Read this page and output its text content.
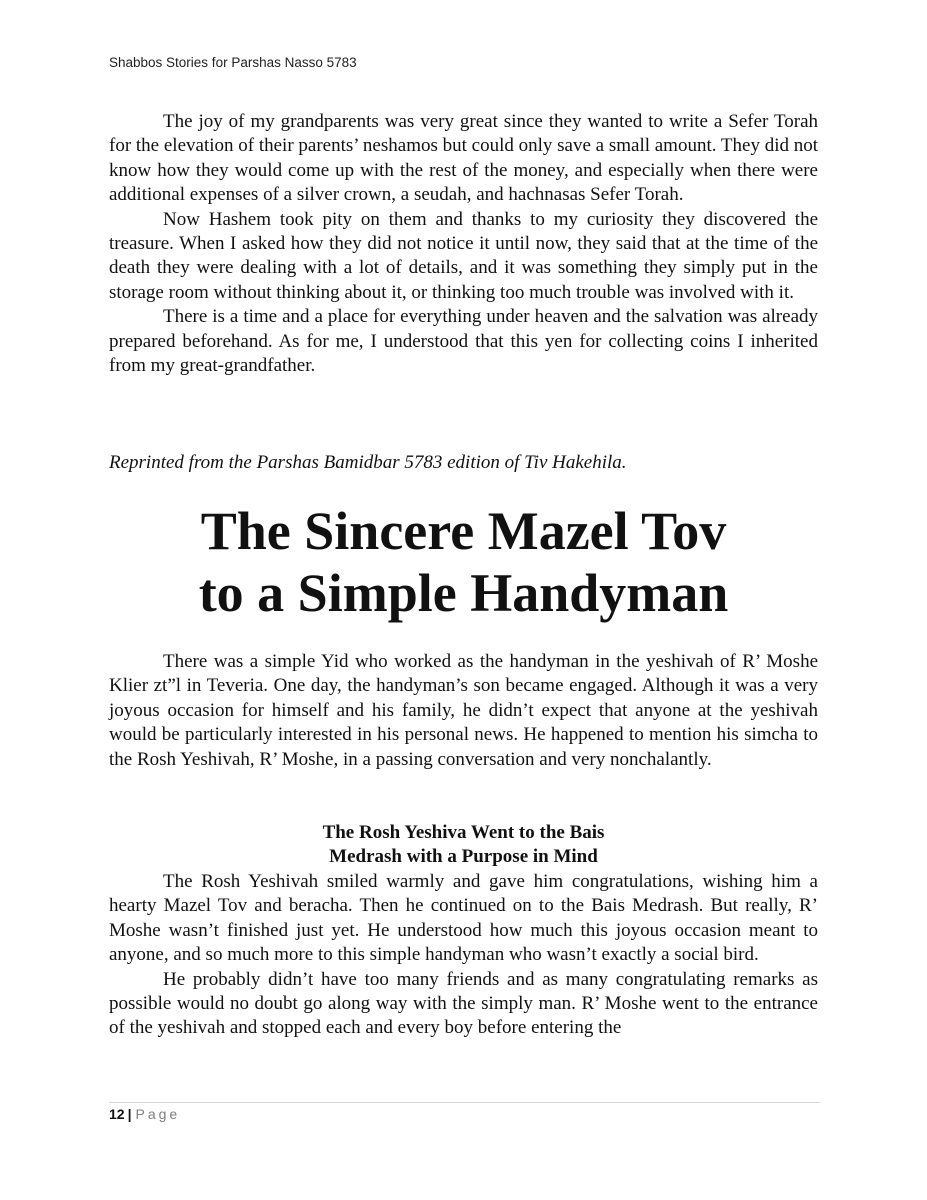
Shabbos Stories for Parshas Nasso 5783

The joy of my grandparents was very great since they wanted to write a Sefer Torah for the elevation of their parents’ neshamos but could only save a small amount. They did not know how they would come up with the rest of the money, and especially when there were additional expenses of a silver crown, a seudah, and hachnasas Sefer Torah.

Now Hashem took pity on them and thanks to my curiosity they discovered the treasure. When I asked how they did not notice it until now, they said that at the time of the death they were dealing with a lot of details, and it was something they simply put in the storage room without thinking about it, or thinking too much trouble was involved with it.

There is a time and a place for everything under heaven and the salvation was already prepared beforehand. As for me, I understood that this yen for collecting coins I inherited from my great-grandfather.

Reprinted from the Parshas Bamidbar 5783 edition of Tiv Hakehila.
The Sincere Mazel Tov
to a Simple Handyman

There was a simple Yid who worked as the handyman in the yeshivah of R’ Moshe Klier zt”l in Teveria. One day, the handyman’s son became engaged. Although it was a very joyous occasion for himself and his family, he didn’t expect that anyone at the yeshivah would be particularly interested in his personal news. He happened to mention his simcha to the Rosh Yeshivah, R’ Moshe, in a passing conversation and very nonchalantly.

The Rosh Yeshiva Went to the Bais
Medrash with a Purpose in Mind

The Rosh Yeshivah smiled warmly and gave him congratulations, wishing him a hearty Mazel Tov and beracha. Then he continued on to the Bais Medrash. But really, R’ Moshe wasn’t finished just yet. He understood how much this joyous occasion meant to anyone, and so much more to this simple handyman who wasn’t exactly a social bird.

He probably didn’t have too many friends and as many congratulating remarks as possible would no doubt go along way with the simply man. R’ Moshe went to the entrance of the yeshivah and stopped each and every boy before entering the

12 | Page
